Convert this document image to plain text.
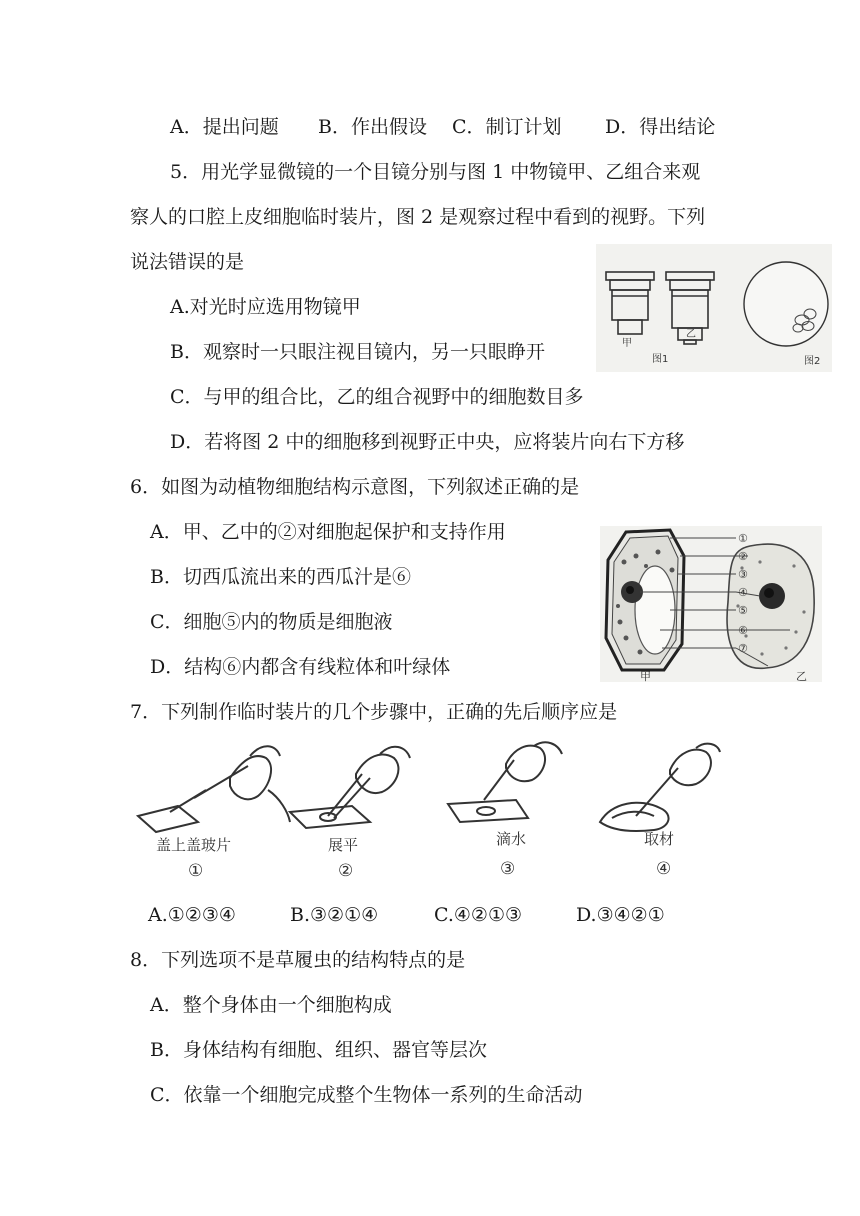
A．提出问题 B．作出假设 C．制订计划 D．得出结论
5．用光学显微镜的一个目镜分别与图 1 中物镜甲、乙组合来观
察人的口腔上皮细胞临时装片，图 2 是观察过程中看到的视野。下列
说法错误的是
A.对光时应选用物镜甲
B．观察时一只眼注视目镜内，另一只眼睁开
C．与甲的组合比，乙的组合视野中的细胞数目多
D．若将图 2 中的细胞移到视野正中央，应将装片向右下方移
甲
乙
图1	图2
6．如图为动植物细胞结构示意图，下列叙述正确的是
A．甲、乙中的②对细胞起保护和支持作用
B．切西瓜流出来的西瓜汁是⑥
C．细胞⑤内的物质是细胞液
D．结构⑥内都含有线粒体和叶绿体
①
②
③
④
⑤
⑥
⑦
甲	乙
7．下列制作临时装片的几个步骤中，正确的先后顺序应是
盖上盖玻片
①
展平
②
滴水
③
取材
④
A.①②③④	B.③②①④	C.④②①③	D.③④②①
8．下列选项不是草履虫的结构特点的是
A．整个身体由一个细胞构成
B．身体结构有细胞、组织、器官等层次
C．依靠一个细胞完成整个生物体一系列的生命活动
